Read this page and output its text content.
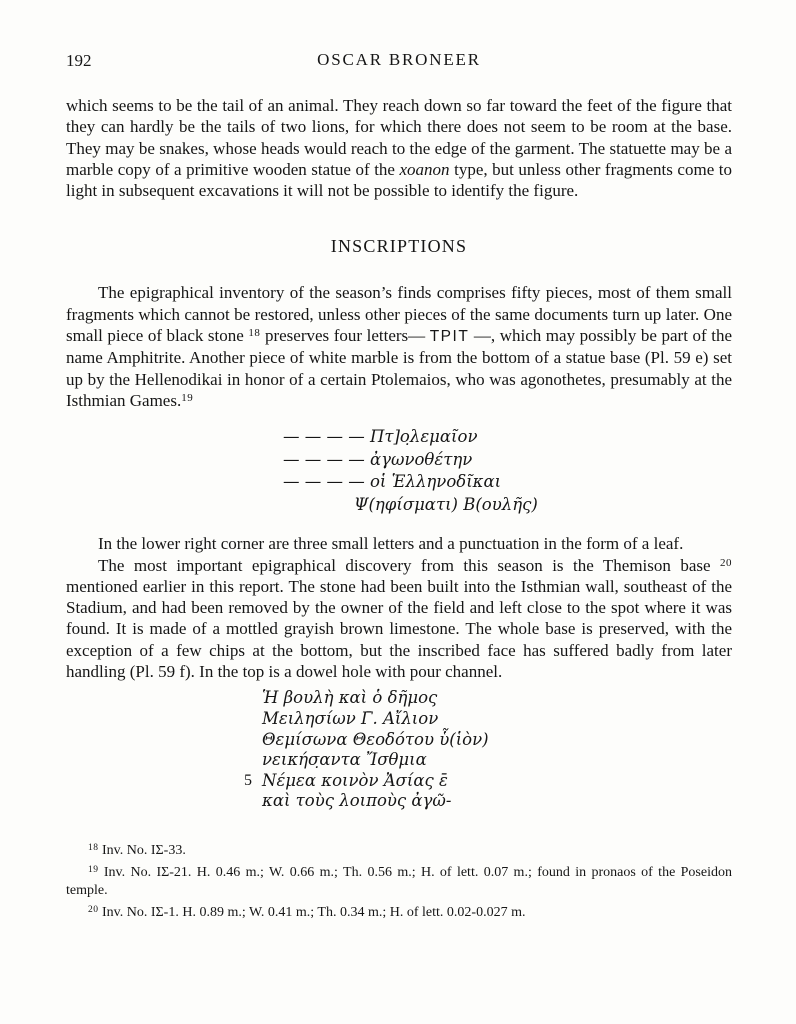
192	OSCAR BRONEER

which seems to be the tail of an animal. They reach down so far toward the feet of the figure that they can hardly be the tails of two lions, for which there does not seem to be room at the base. They may be snakes, whose heads would reach to the edge of the garment. The statuette may be a marble copy of a primitive wooden statue of the xoanon type, but unless other fragments come to light in subsequent excavations it will not be possible to identify the figure.

INSCRIPTIONS

The epigraphical inventory of the season’s finds comprises fifty pieces, most of them small fragments which cannot be restored, unless other pieces of the same documents turn up later. One small piece of black stone $^{18}$ preserves four letters— TPIT —, which may possibly be part of the name Amphitrite. Another piece of white marble is from the bottom of a statue base (Pl. 59 e) set up by the Hellenodikai in honor of a certain Ptolemaios, who was agonothetes, presumably at the Isthmian Games.$^{19}$

— — — — Πτ]ο̣λεμαῖον
— — — — ἀγωνοθέτην
— — — — οἱ Ἑλληνοδῖκαι
Ψ(ηφίσματι) Β(ουλῆς)

In the lower right corner are three small letters and a punctuation in the form of a leaf.

The most important epigraphical discovery from this season is the Themison base $^{20}$ mentioned earlier in this report. The stone had been built into the Isthmian wall, southeast of the Stadium, and had been removed by the owner of the field and left close to the spot where it was found. It is made of a mottled grayish brown limestone. The whole base is preserved, with the exception of a few chips at the bottom, but the inscribed face has suffered badly from later handling (Pl. 59 f). In the top is a dowel hole with pour channel.

Ἡ βουλὴ καὶ ὁ δῆμος
Μειλησίων Γ̄. Αἴλιον
Θεμίσωνα Θεοδότου ὗ(ἱὸν)
νεικήσ̣αντα Ἴσθμια
5 Νέμεα κοινὸν Ἀσίας ε̄
καὶ τοὺς λοιποὺς ἀγῶ-

$^{18}$ Inv. No. ΙΣ-33.

$^{19}$ Inv. No. ΙΣ-21. H. 0.46 m.; W. 0.66 m.; Th. 0.56 m.; H. of lett. 0.07 m.; found in pronaos of the Poseidon temple.

$^{20}$ Inv. No. ΙΣ-1. H. 0.89 m.; W. 0.41 m.; Th. 0.34 m.; H. of lett. 0.02-0.027 m.
